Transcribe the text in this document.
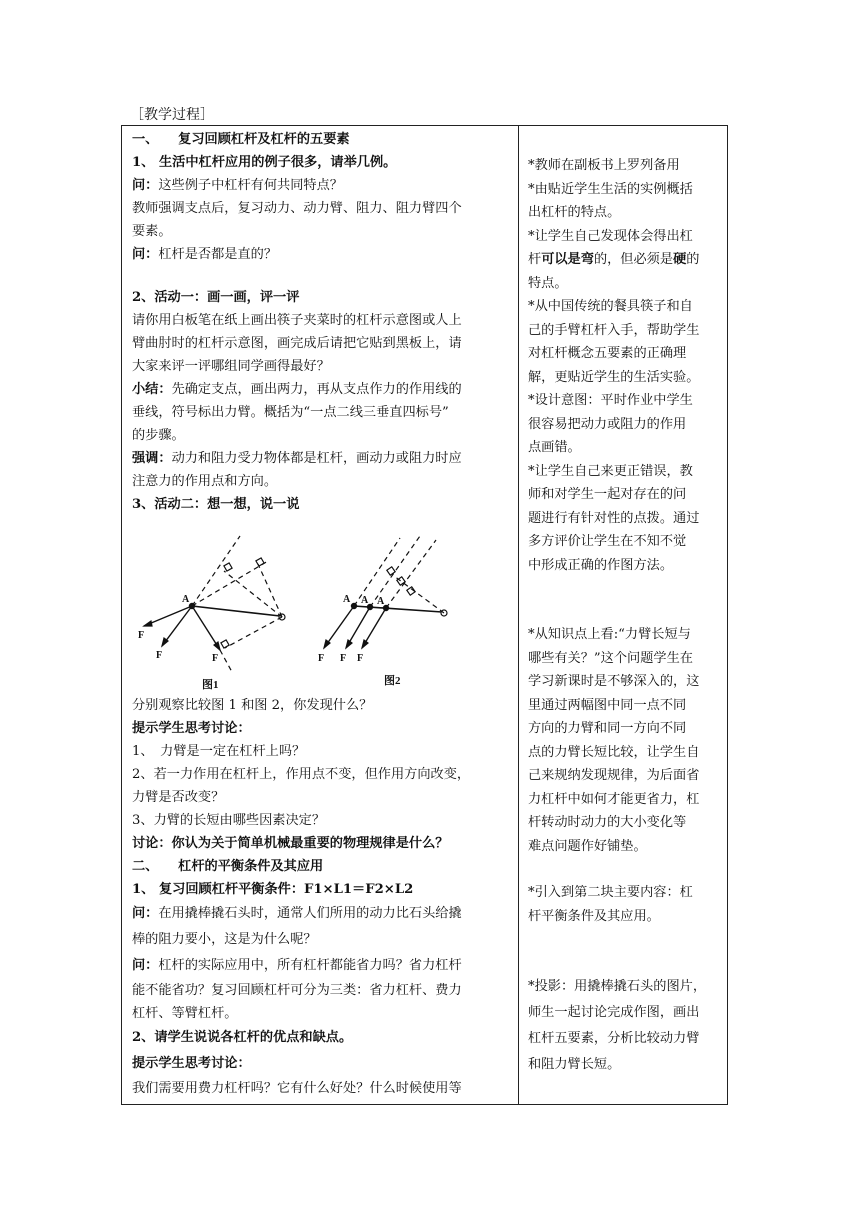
［教学过程］
一、　　复习回顾杠杆及杠杆的五要素
1、 生活中杠杆应用的例子很多，请举几例。
问：这些例子中杠杆有何共同特点？
教师强调支点后，复习动力、动力臂、阻力、阻力臂四个
要素。
问：杠杆是否都是直的？
2、活动一：画一画，评一评
请你用白板笔在纸上画出筷子夹菜时的杠杆示意图或人上
臂曲肘时的杠杆示意图，画完成后请把它贴到黑板上，请
大家来评一评哪组同学画得最好？
小结：先确定支点，画出两力，再从支点作力的作用线的
垂线，符号标出力臂。概括为“一点二线三垂直四标号”
的步骤。
强调：动力和阻力受力物体都是杠杆，画动力或阻力时应
注意力的作用点和方向。
3、活动二：想一想，说一说
A
F
F	F
A A A
F F F
图1	图2
分别观察比较图 1 和图 2，你发现什么？
提示学生思考讨论：
1、　力臂是一定在杠杆上吗？
2、若一力作用在杠杆上，作用点不变，但作用方向改变，
力臂是否改变？
3、力臂的长短由哪些因素决定？
讨论：你认为关于简单机械最重要的物理规律是什么？
二、　　杠杆的平衡条件及其应用
1、 复习回顾杠杆平衡条件：F1×L1＝F2×L2
问：在用撬棒撬石头时，通常人们所用的动力比石头给撬
棒的阻力要小，这是为什么呢？
问：杠杆的实际应用中，所有杠杆都能省力吗？省力杠杆
能不能省功？复习回顾杠杆可分为三类：省力杠杆、费力
杠杆、等臂杠杆。
2、请学生说说各杠杆的优点和缺点。
提示学生思考讨论：
我们需要用费力杠杆吗？它有什么好处？什么时候使用等
*教师在副板书上罗列备用
*由贴近学生生活的实例概括
出杠杆的特点。
*让学生自己发现体会得出杠
杆可以是弯的，但必须是硬的
特点。
*从中国传统的餐具筷子和自
己的手臂杠杆入手，帮助学生
对杠杆概念五要素的正确理
解，更贴近学生的生活实验。
*设计意图：平时作业中学生
很容易把动力或阻力的作用
点画错。
*让学生自己来更正错误，教
师和对学生一起对存在的问
题进行有针对性的点拨。通过
多方评价让学生在不知不觉
中形成正确的作图方法。
*从知识点上看:“力臂长短与
哪些有关？”这个问题学生在
学习新课时是不够深入的，这
里通过两幅图中同一点不同
方向的力臂和同一方向不同
点的力臂长短比较，让学生自
己来规纳发现规律，为后面省
力杠杆中如何才能更省力，杠
杆转动时动力的大小变化等
难点问题作好铺垫。
*引入到第二块主要内容：杠
杆平衡条件及其应用。
*投影：用撬棒撬石头的图片，
师生一起讨论完成作图，画出
杠杆五要素，分析比较动力臂
和阻力臂长短。
